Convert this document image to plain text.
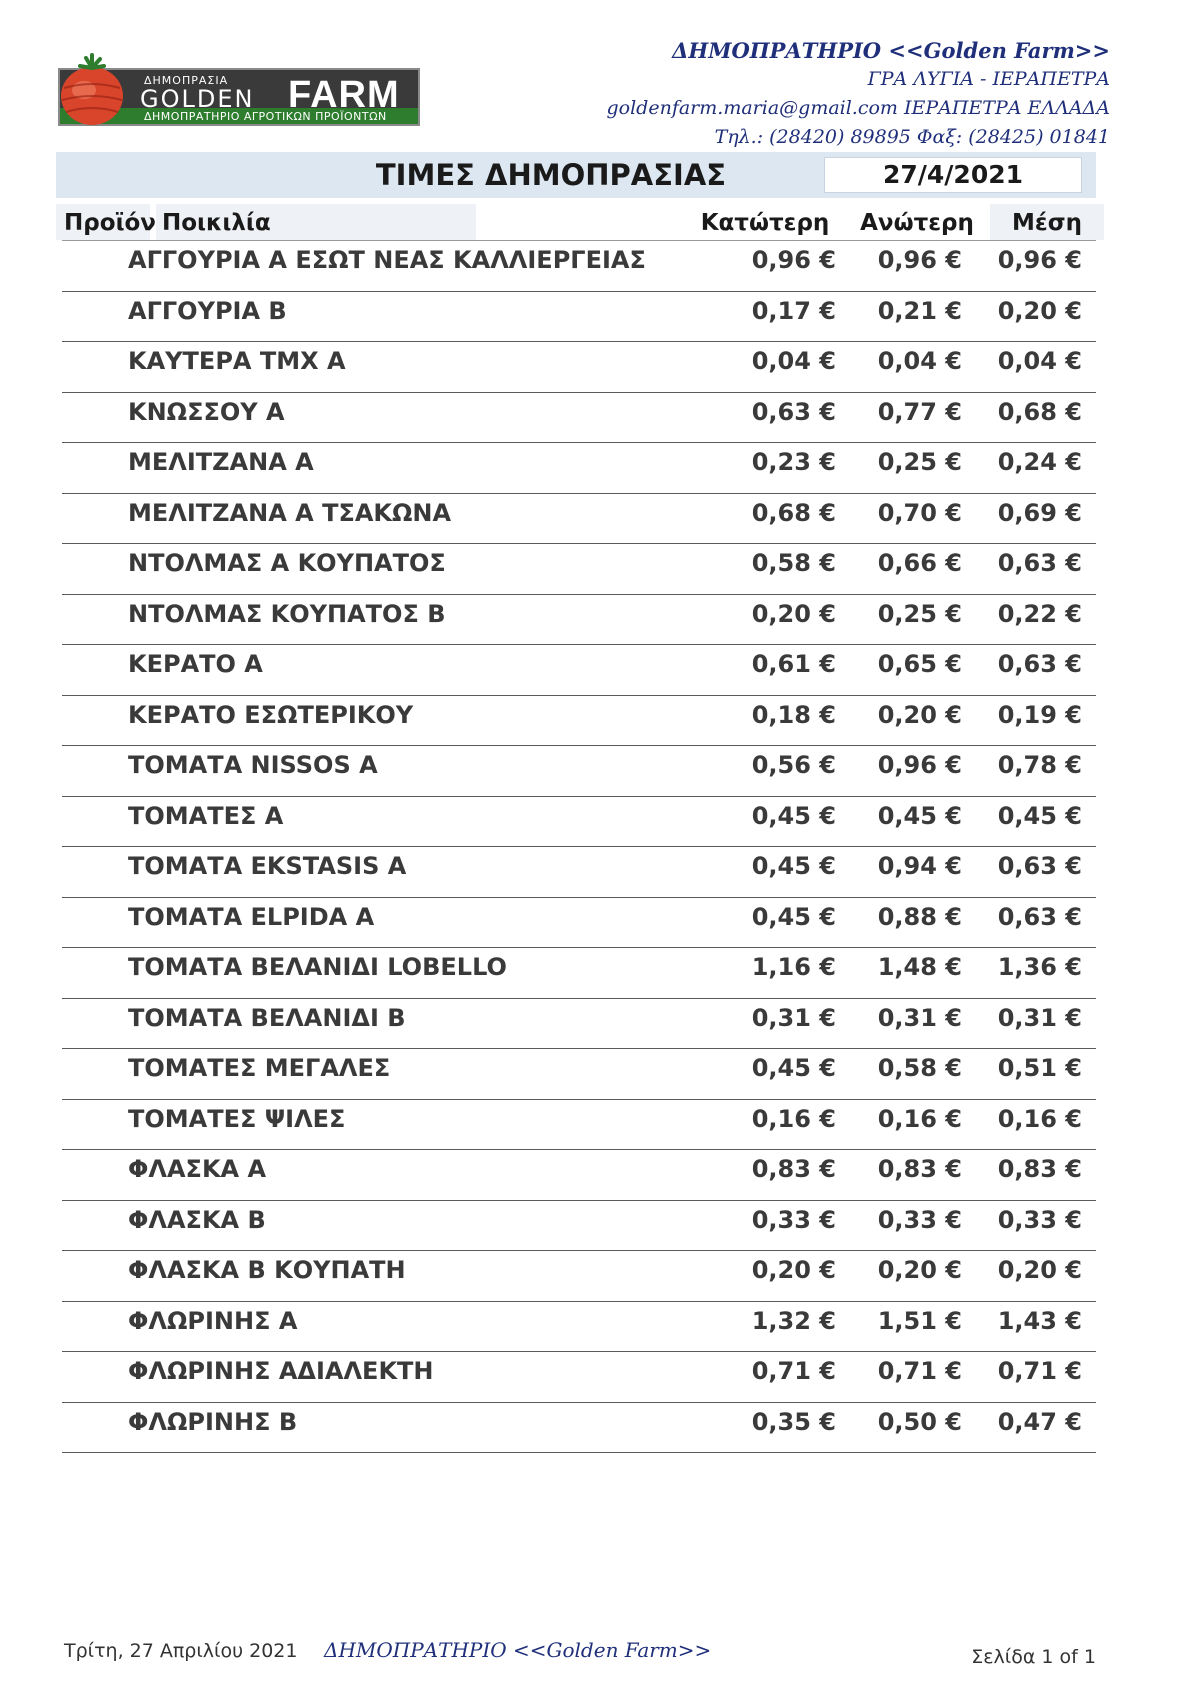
ΔΗΜΟΠΡΑΣΙΑ
GOLDEN FARM
ΔΗΜΟΠΡΑΤΗΡΙΟ ΑΓΡΟΤΙΚΩΝ ΠΡΟΪΟΝΤΩΝ
ΔΗΜΟΠΡΑΤΗΡΙΟ <<Golden Farm>>
ΓΡΑ ΛΥΓΙΑ - ΙΕΡΑΠΕΤΡΑ
goldenfarm.maria@gmail.com ΙΕΡΑΠΕΤΡΑ ΕΛΛΑΔΑ
Τηλ.: (28420) 89895 Φαξ: (28425) 01841
ΤΙΜΕΣ ΔΗΜΟΠΡΑΣΙΑΣ	27/4/2021
Προϊόν Ποικιλία	Κατώτερη	Ανώτερη	Μέση
ΑΓΓΟΥΡΙΑ Α ΕΣΩΤ ΝΕΑΣ ΚΑΛΛΙΕΡΓΕΙΑΣ	0,96 € 0,96 € 0,96 €
ΑΓΓΟΥΡΙΑ Β	0,17 € 0,21 € 0,20 €
ΚΑΥΤΕΡΑ ΤΜΧ Α	0,04 € 0,04 € 0,04 €
ΚΝΩΣΣΟΥ Α	0,63 € 0,77 € 0,68 €
ΜΕΛΙΤΖΑΝΑ Α	0,23 € 0,25 € 0,24 €
ΜΕΛΙΤΖΑΝΑ Α ΤΣΑΚΩΝΑ	0,68 € 0,70 € 0,69 €
ΝΤΟΛΜΑΣ Α ΚΟΥΠΑΤΟΣ	0,58 € 0,66 € 0,63 €
ΝΤΟΛΜΑΣ ΚΟΥΠΑΤΟΣ Β	0,20 € 0,25 € 0,22 €
ΚΕΡΑΤΟ Α	0,61 € 0,65 € 0,63 €
ΚΕΡΑΤΟ ΕΣΩΤΕΡΙΚΟΥ	0,18 € 0,20 € 0,19 €
ΤΟΜΑΤΑ NISSOS Α	0,56 € 0,96 € 0,78 €
ΤΟΜΑΤΕΣ Α	0,45 € 0,45 € 0,45 €
ΤΟΜΑΤΑ EKSTASIS Α	0,45 € 0,94 € 0,63 €
ΤΟΜΑΤΑ ELPIDA Α	0,45 € 0,88 € 0,63 €
ΤΟΜΑΤΑ ΒΕΛΑΝΙΔΙ LOBELLO	1,16 € 1,48 € 1,36 €
ΤΟΜΑΤΑ ΒΕΛΑΝΙΔΙ Β	0,31 € 0,31 € 0,31 €
ΤΟΜΑΤΕΣ ΜΕΓΑΛΕΣ	0,45 € 0,58 € 0,51 €
ΤΟΜΑΤΕΣ ΨΙΛΕΣ	0,16 € 0,16 € 0,16 €
ΦΛΑΣΚΑ Α	0,83 € 0,83 € 0,83 €
ΦΛΑΣΚΑ Β	0,33 € 0,33 € 0,33 €
ΦΛΑΣΚΑ Β ΚΟΥΠΑΤΗ	0,20 € 0,20 € 0,20 €
ΦΛΩΡΙΝΗΣ Α	1,32 € 1,51 € 1,43 €
ΦΛΩΡΙΝΗΣ ΑΔΙΑΛΕΚΤΗ	0,71 € 0,71 € 0,71 €
ΦΛΩΡΙΝΗΣ Β	0,35 € 0,50 € 0,47 €
Τρίτη, 27 Απριλίου 2021 ΔΗΜΟΠΡΑΤΗΡΙΟ <<Golden Farm>>	Σελίδα 1 of 1
